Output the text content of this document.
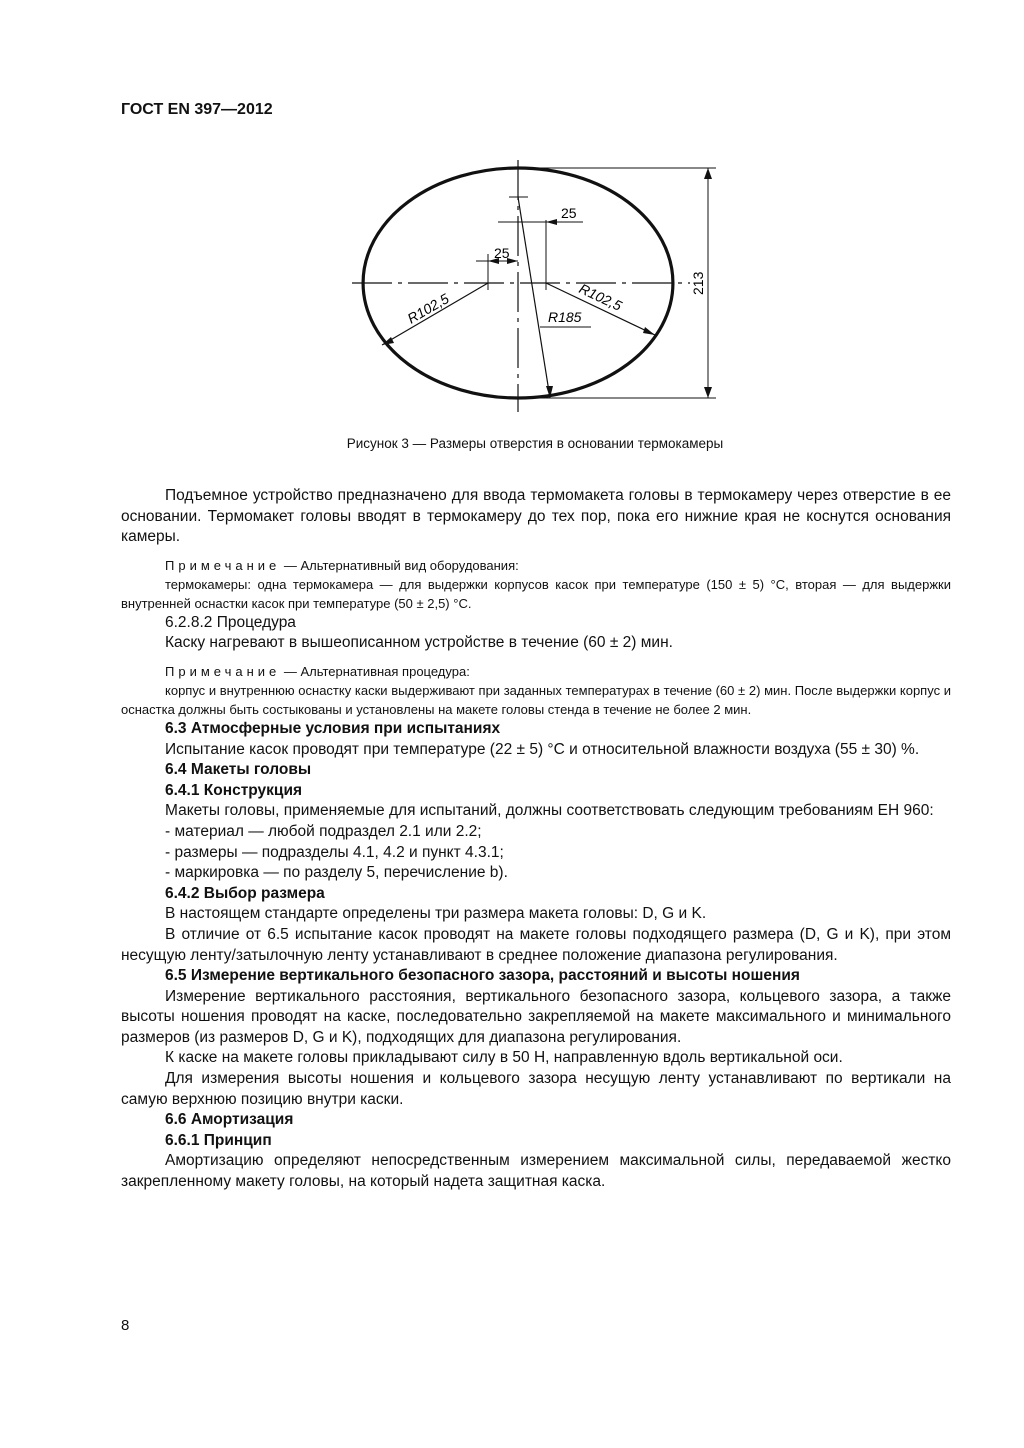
ГОСТ EN 397—2012
25
25
213
R102,5	R102,5
R185
Рисунок 3 — Размеры отверстия в основании термокамеры

Подъемное устройство предназначено для ввода термомакета головы в термокамеру через отверстие в ее основании. Термомакет головы вводят в термокамеру до тех пор, пока его нижние края не коснутся основания камеры.

Примечание — Альтернативный вид оборудования:

термокамеры: одна термокамера — для выдержки корпусов касок при температуре (150 ± 5) °C, вторая — для выдержки внутренней оснастки касок при температуре (50 ± 2,5) °C.

6.2.8.2 Процедура

Каску нагревают в вышеописанном устройстве в течение (60 ± 2) мин.

Примечание — Альтернативная процедура:

корпус и внутреннюю оснастку каски выдерживают при заданных температурах в течение (60 ± 2) мин. После выдержки корпус и оснастка должны быть состыкованы и установлены на макете головы стенда в течение не более 2 мин.

6.3 Атмосферные условия при испытаниях

Испытание касок проводят при температуре (22 ± 5) °C и относительной влажности воздуха (55 ± 30) %.

6.4 Макеты головы

6.4.1 Конструкция

Макеты головы, применяемые для испытаний, должны соответствовать следующим требованиям ЕН 960:

- материал — любой подраздел 2.1 или 2.2;

- размеры — подразделы 4.1, 4.2 и пункт 4.3.1;

- маркировка — по разделу 5, перечисление b).

6.4.2 Выбор размера

В настоящем стандарте определены три размера макета головы: D, G и K.

В отличие от 6.5 испытание касок проводят на макете головы подходящего размера (D, G и K), при этом несущую ленту/затылочную ленту устанавливают в среднее положение диапазона регулирования.

6.5 Измерение вертикального безопасного зазора, расстояний и высоты ношения

Измерение вертикального расстояния, вертикального безопасного зазора, кольцевого зазора, а также высоты ношения проводят на каске, последовательно закрепляемой на макете максимального и минимального размеров (из размеров D, G и K), подходящих для диапазона регулирования.

К каске на макете головы прикладывают силу в 50 Н, направленную вдоль вертикальной оси.

Для измерения высоты ношения и кольцевого зазора несущую ленту устанавливают по вертикали на самую верхнюю позицию внутри каски.

6.6 Амортизация

6.6.1 Принцип

Амортизацию определяют непосредственным измерением максимальной силы, передаваемой жестко закрепленному макету головы, на который надета защитная каска.

8
